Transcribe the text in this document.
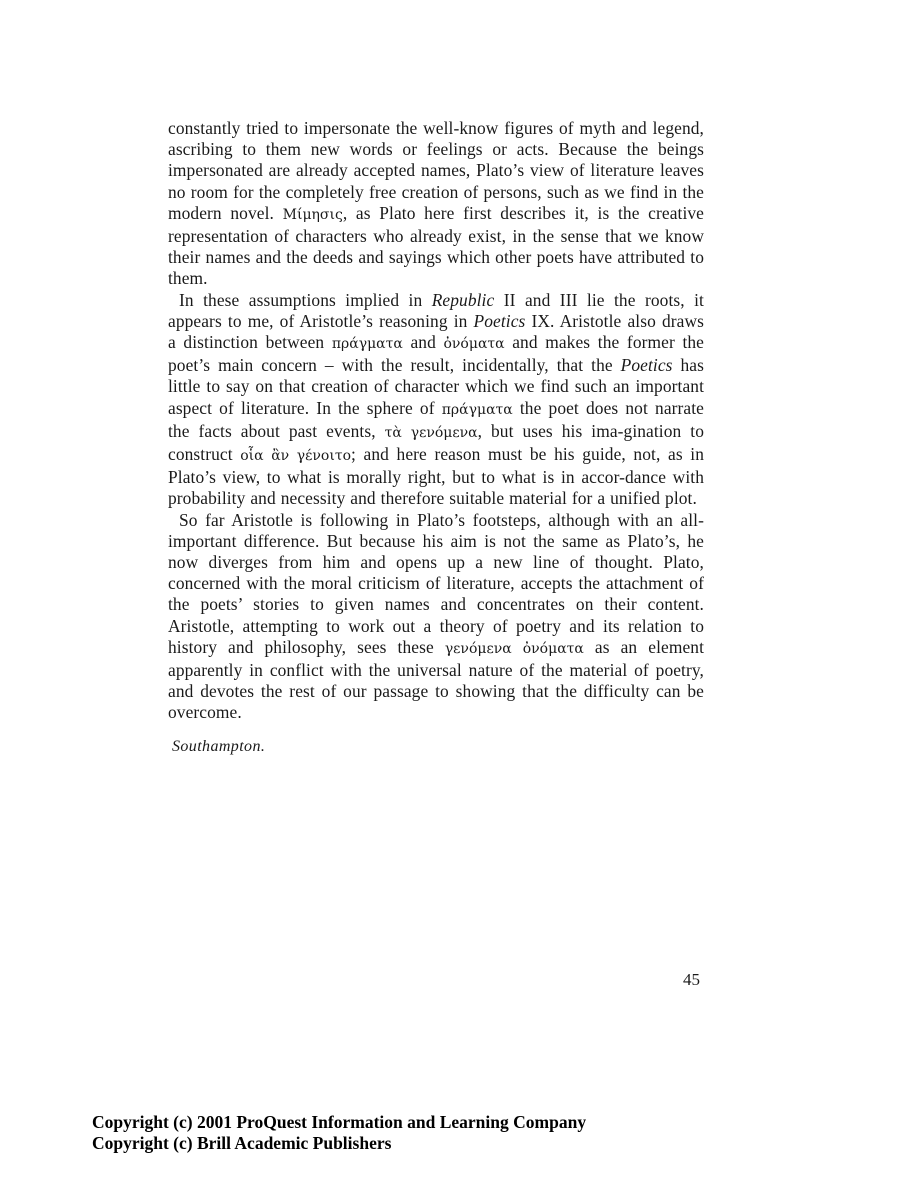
constantly tried to impersonate the well-know figures of myth and legend, ascribing to them new words or feelings or acts. Because the beings impersonated are already accepted names, Plato’s view of literature leaves no room for the completely free creation of persons, such as we find in the modern novel. Μίμησις, as Plato here first describes it, is the creative representation of characters who already exist, in the sense that we know their names and the deeds and sayings which other poets have attributed to them.

In these assumptions implied in Republic II and III lie the roots, it appears to me, of Aristotle’s reasoning in Poetics IX. Aristotle also draws a distinction between πράγματα and ὀνόματα and makes the former the poet’s main concern – with the result, incidentally, that the Poetics has little to say on that creation of character which we find such an important aspect of literature. In the sphere of πράγματα the poet does not narrate the facts about past events, τὰ γενόμενα, but uses his ima-gination to construct οἷα ἂν γένοιτο; and here reason must be his guide, not, as in Plato’s view, to what is morally right, but to what is in accor-dance with probability and necessity and therefore suitable material for a unified plot.

So far Aristotle is following in Plato’s footsteps, although with an all-important difference. But because his aim is not the same as Plato’s, he now diverges from him and opens up a new line of thought. Plato, concerned with the moral criticism of literature, accepts the attachment of the poets’ stories to given names and concentrates on their content. Aristotle, attempting to work out a theory of poetry and its relation to history and philosophy, sees these γενόμενα ὀνόματα as an element apparently in conflict with the universal nature of the material of poetry, and devotes the rest of our passage to showing that the difficulty can be overcome.

Southampton.
45
Copyright (c) 2001 ProQuest Information and Learning Company
Copyright (c) Brill Academic Publishers
